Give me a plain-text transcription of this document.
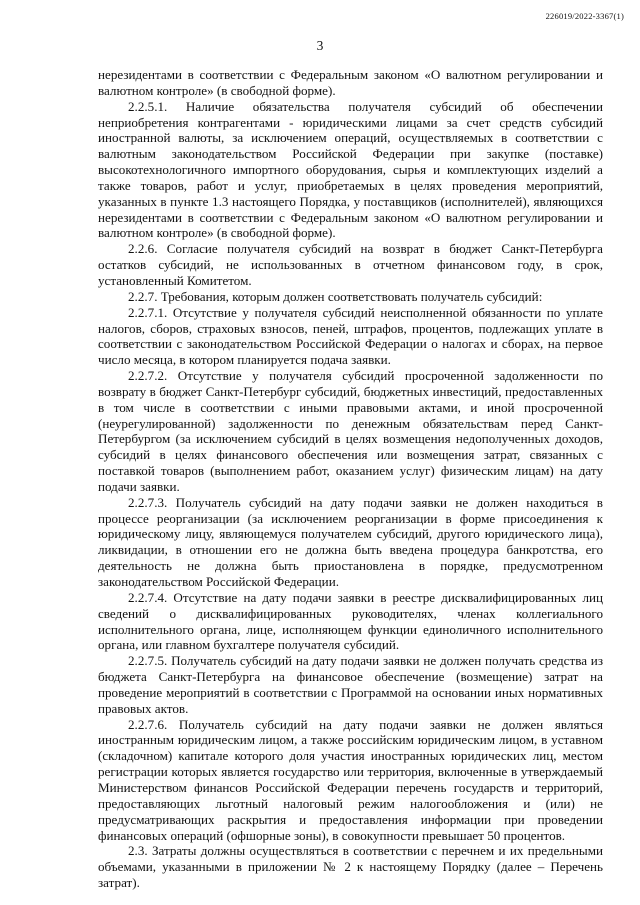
226019/2022-3367(1)
3

нерезидентами в соответствии с Федеральным законом «О валютном регулировании и валютном контроле» (в свободной форме).

2.2.5.1. Наличие обязательства получателя субсидий об обеспечении неприобретения контрагентами - юридическими лицами за счет средств субсидий иностранной валюты, за исключением операций, осуществляемых в соответствии с валютным законодательством Российской Федерации при закупке (поставке) высокотехнологичного импортного оборудования, сырья и комплектующих изделий а также товаров, работ и услуг, приобретаемых в целях проведения мероприятий, указанных в пункте 1.3 настоящего Порядка, у поставщиков (исполнителей), являющихся нерезидентами в соответствии с Федеральным законом «О валютном регулировании и валютном контроле» (в свободной форме).

2.2.6. Согласие получателя субсидий на возврат в бюджет Санкт-Петербурга остатков субсидий, не использованных в отчетном финансовом году, в срок, установленный Комитетом.

2.2.7. Требования, которым должен соответствовать получатель субсидий:

2.2.7.1. Отсутствие у получателя субсидий неисполненной обязанности по уплате налогов, сборов, страховых взносов, пеней, штрафов, процентов, подлежащих уплате в соответствии с законодательством Российской Федерации о налогах и сборах, на первое число месяца, в котором планируется подача заявки.

2.2.7.2. Отсутствие у получателя субсидий просроченной задолженности по возврату в бюджет Санкт-Петербург субсидий, бюджетных инвестиций, предоставленных в том числе в соответствии с иными правовыми актами, и иной просроченной (неурегулированной) задолженности по денежным обязательствам перед Санкт-Петербургом (за исключением субсидий в целях возмещения недополученных доходов, субсидий в целях финансового обеспечения или возмещения затрат, связанных с поставкой товаров (выполнением работ, оказанием услуг) физическим лицам) на дату подачи заявки.

2.2.7.3. Получатель субсидий на дату подачи заявки не должен находиться в процессе реорганизации (за исключением реорганизации в форме присоединения к юридическому лицу, являющемуся получателем субсидий, другого юридического лица), ликвидации, в отношении его не должна быть введена процедура банкротства, его деятельность не должна быть приостановлена в порядке, предусмотренном законодательством Российской Федерации.

2.2.7.4. Отсутствие на дату подачи заявки в реестре дисквалифицированных лиц сведений о дисквалифицированных руководителях, членах коллегиального исполнительного органа, лице, исполняющем функции единоличного исполнительного органа, или главном бухгалтере получателя субсидий.

2.2.7.5. Получатель субсидий на дату подачи заявки не должен получать средства из бюджета Санкт-Петербурга на финансовое обеспечение (возмещение) затрат на проведение мероприятий в соответствии с Программой на основании иных нормативных правовых актов.

2.2.7.6. Получатель субсидий на дату подачи заявки не должен являться иностранным юридическим лицом, а также российским юридическим лицом, в уставном (складочном) капитале которого доля участия иностранных юридических лиц, местом регистрации которых является государство или территория, включенные в утверждаемый Министерством финансов Российской Федерации перечень государств и территорий, предоставляющих льготный налоговый режим налогообложения и (или) не предусматривающих раскрытия и предоставления информации при проведении финансовых операций (офшорные зоны), в совокупности превышает 50 процентов.

2.3. Затраты должны осуществляться в соответствии с перечнем и их предельными объемами, указанными в приложении № 2 к настоящему Порядку (далее – Перечень затрат).
